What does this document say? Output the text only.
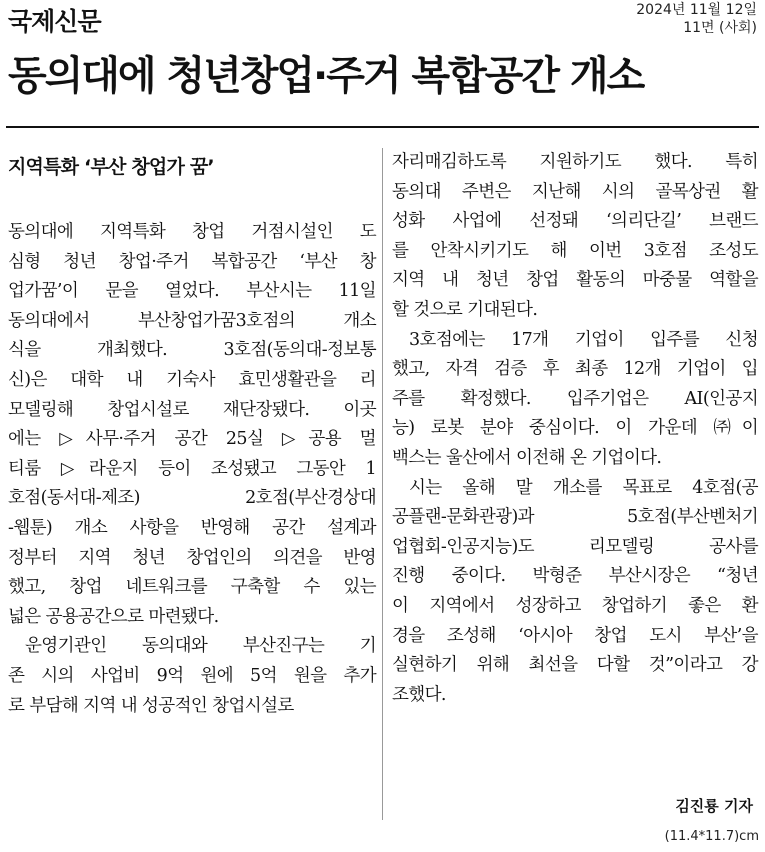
국제신문	2024년 11월 12일
11면 (사회)
동의대에 청년창업·주거 복합공간 개소
지역특화 ‘부산 창업가 꿈’

동의대에 지역특화 창업 거점시설인 도

심형 청년 창업·주거 복합공간 ‘부산 창

업가꿈’이 문을 열었다. 부산시는 11일

동의대에서 부산창업가꿈3호점의 개소

식을 개최했다. 3호점(동의대-정보통

신)은 대학 내 기숙사 효민생활관을 리

모델링해 창업시설로 재단장됐다. 이곳

에는 ▷사무·주거 공간 25실 ▷공용 멀

티룸 ▷라운지 등이 조성됐고 그동안 1

호점(동서대-제조) 2호점(부산경상대

-웹툰) 개소 사항을 반영해 공간 설계과

정부터 지역 청년 창업인의 의견을 반영

했고, 창업 네트워크를 구축할 수 있는

넓은 공용공간으로 마련됐다.

운영기관인 동의대와 부산진구는 기

존 시의 사업비 9억 원에 5억 원을 추가

로 부담해 지역 내 성공적인 창업시설로

자리매김하도록 지원하기도 했다. 특히

동의대 주변은 지난해 시의 골목상권 활

성화 사업에 선정돼 ‘의리단길’ 브랜드

를 안착시키기도 해 이번 3호점 조성도

지역 내 청년 창업 활동의 마중물 역할을

할 것으로 기대된다.

3호점에는 17개 기업이 입주를 신청

했고, 자격 검증 후 최종 12개 기업이 입

주를 확정했다. 입주기업은 AI(인공지

능) 로봇 분야 중심이다. 이 가운데 ㈜이

백스는 울산에서 이전해 온 기업이다.

시는 올해 말 개소를 목표로 4호점(공

공플랜-문화관광)과 5호점(부산벤처기

업협회-인공지능)도 리모델링 공사를

진행 중이다. 박형준 부산시장은 “청년

이 지역에서 성장하고 창업하기 좋은 환

경을 조성해 ‘아시아 창업 도시 부산’을

실현하기 위해 최선을 다할 것”이라고 강

조했다.

김진룡 기자
(11.4*11.7)cm
